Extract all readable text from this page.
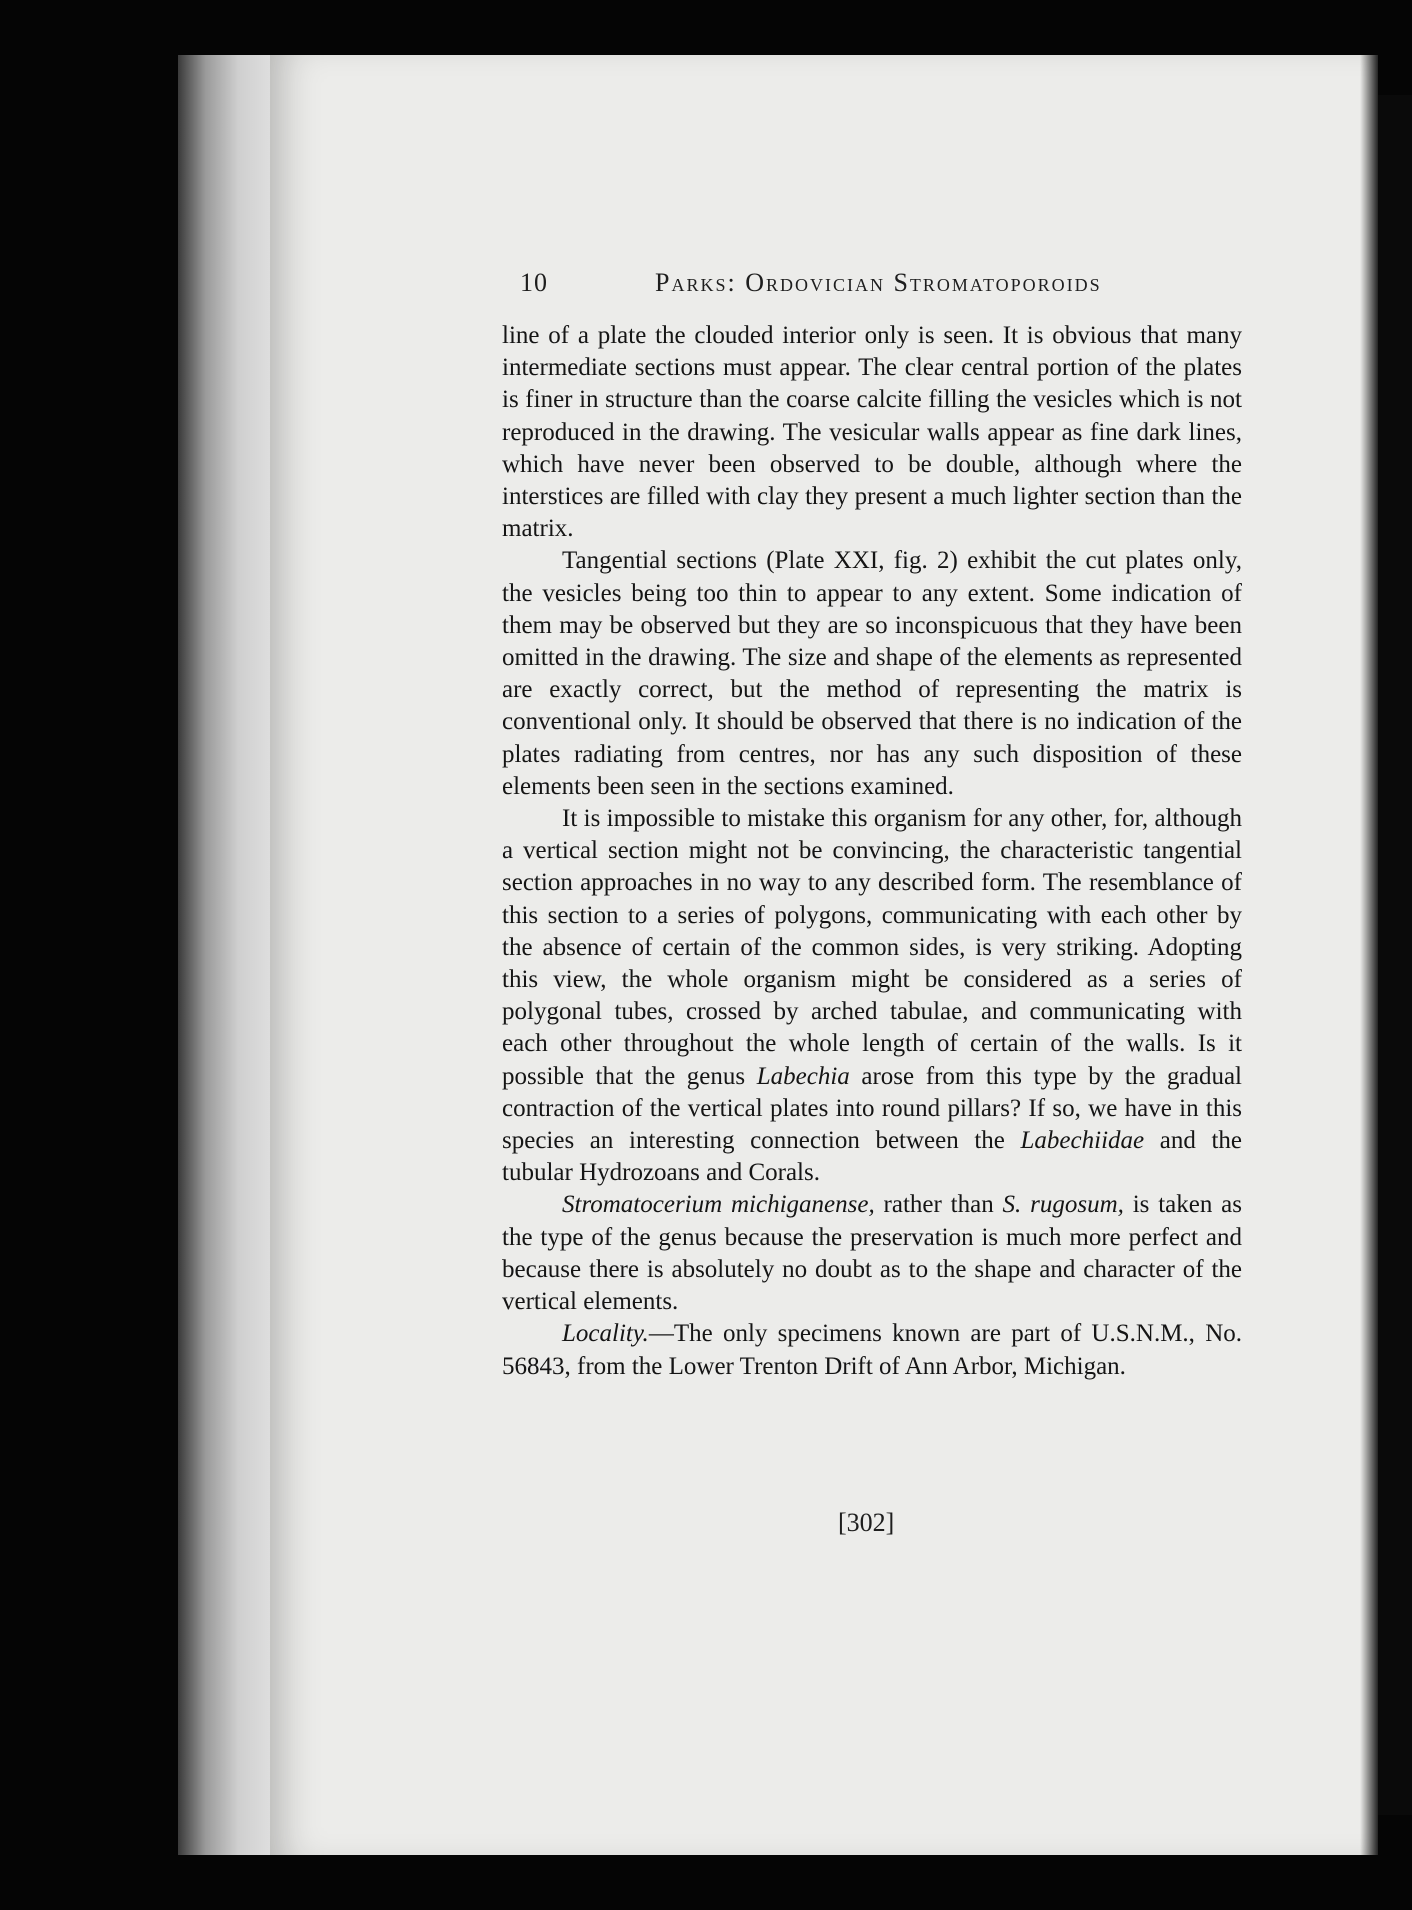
10	Parks: Ordovician Stromatoporoids

line of a plate the clouded interior only is seen. It is obvious that many intermediate sections must appear. The clear central portion of the plates is finer in structure than the coarse calcite filling the vesicles which is not reproduced in the drawing. The vesicular walls appear as fine dark lines, which have never been observed to be double, although where the interstices are filled with clay they present a much lighter section than the matrix.

Tangential sections (Plate XXI, fig. 2) exhibit the cut plates only, the vesicles being too thin to appear to any extent. Some indication of them may be observed but they are so inconspicuous that they have been omitted in the drawing. The size and shape of the elements as represented are exactly correct, but the method of representing the matrix is conventional only. It should be observed that there is no indication of the plates radiating from centres, nor has any such disposition of these elements been seen in the sections examined.

It is impossible to mistake this organism for any other, for, although a vertical section might not be convincing, the characteristic tangential section approaches in no way to any described form. The resemblance of this section to a series of polygons, communicating with each other by the absence of certain of the common sides, is very striking. Adopting this view, the whole organism might be considered as a series of polygonal tubes, crossed by arched tabulae, and communicating with each other throughout the whole length of certain of the walls. Is it possible that the genus Labechia arose from this type by the gradual contraction of the vertical plates into round pillars? If so, we have in this species an interesting connection between the Labechiidae and the tubular Hydrozoans and Corals.

Stromatocerium michiganense, rather than S. rugosum, is taken as the type of the genus because the preservation is much more perfect and because there is absolutely no doubt as to the shape and character of the vertical elements.

Locality.—The only specimens known are part of U.S.N.M., No. 56843, from the Lower Trenton Drift of Ann Arbor, Michigan.

[302]
